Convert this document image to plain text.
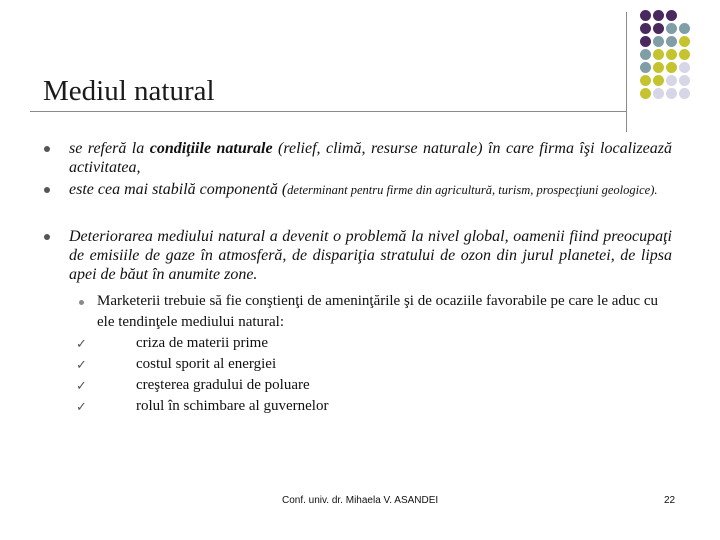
Mediul natural
se referă la condiţiile naturale (relief, climă, resurse naturale) în care firma îşi localizează activitatea,
este cea mai stabilă componentă (determinant pentru firme din agricultură, turism, prospecţiuni geologice).
Deteriorarea mediului natural a devenit o problemă la nivel global, oamenii fiind preocupaţi de emisiile de gaze în atmosferă, de dispariţia stratului de ozon din jurul planetei, de lipsa apei de băut în anumite zone.
Marketerii trebuie să fie conştienţi de ameninţările şi de ocaziile favorabile pe care le aduc cu ele tendinţele mediului natural:
✓	criza de materii prime
✓	costul sporit al energiei
✓	creşterea gradului de poluare
✓	rolul în schimbare al guvernelor
Conf. univ. dr. Mihaela V. ASANDEI	22
